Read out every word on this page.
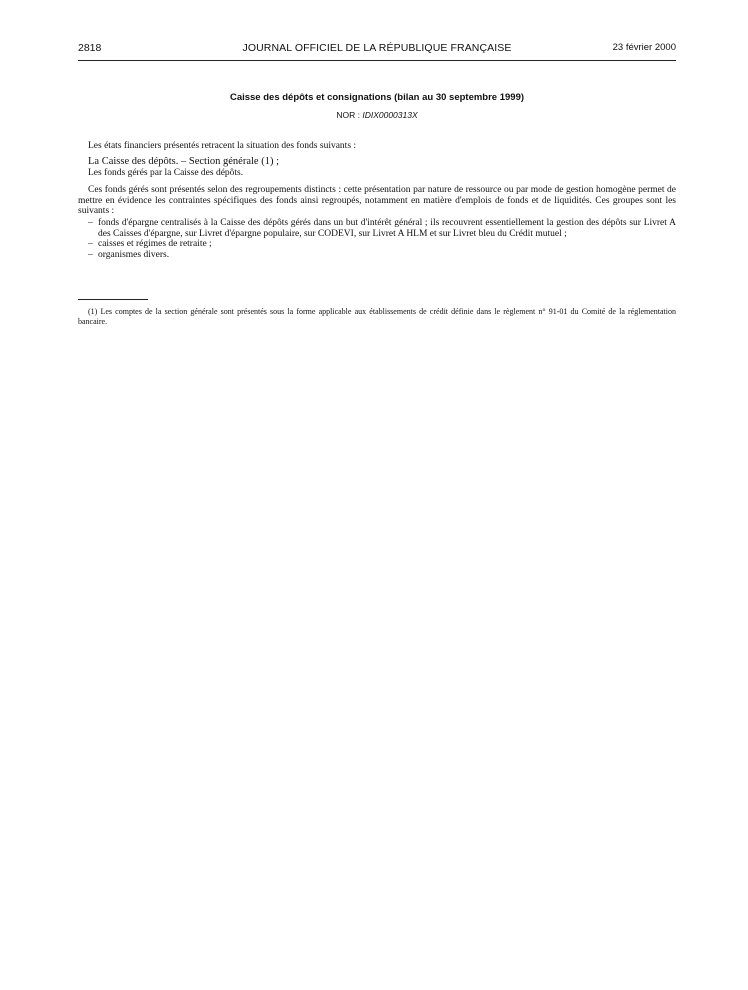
2818	JOURNAL OFFICIEL DE LA RÉPUBLIQUE FRANÇAISE	23 février 2000
Caisse des dépôts et consignations (bilan au 30 septembre 1999)
NOR : IDIX0000313X
Les états financiers présentés retracent la situation des fonds suivants :
La Caisse des dépôts. – Section générale (1) ;
Les fonds gérés par la Caisse des dépôts.
Ces fonds gérés sont présentés selon des regroupements distincts : cette présentation par nature de ressource ou par mode de gestion homogène permet de mettre en évidence les contraintes spécifiques des fonds ainsi regroupés, notamment en matière d'emplois de fonds et de liquidités. Ces groupes sont les suivants :
– fonds d'épargne centralisés à la Caisse des dépôts gérés dans un but d'intérêt général ; ils recouvrent essentiellement la gestion des dépôts sur Livret A des Caisses d'épargne, sur Livret d'épargne populaire, sur CODEVI, sur Livret A HLM et sur Livret bleu du Crédit mutuel ;
– caisses et régimes de retraite ;
– organismes divers.
(1) Les comptes de la section générale sont présentés sous la forme applicable aux établissements de crédit définie dans le règlement n° 91-01 du Comité de la réglementation bancaire.
